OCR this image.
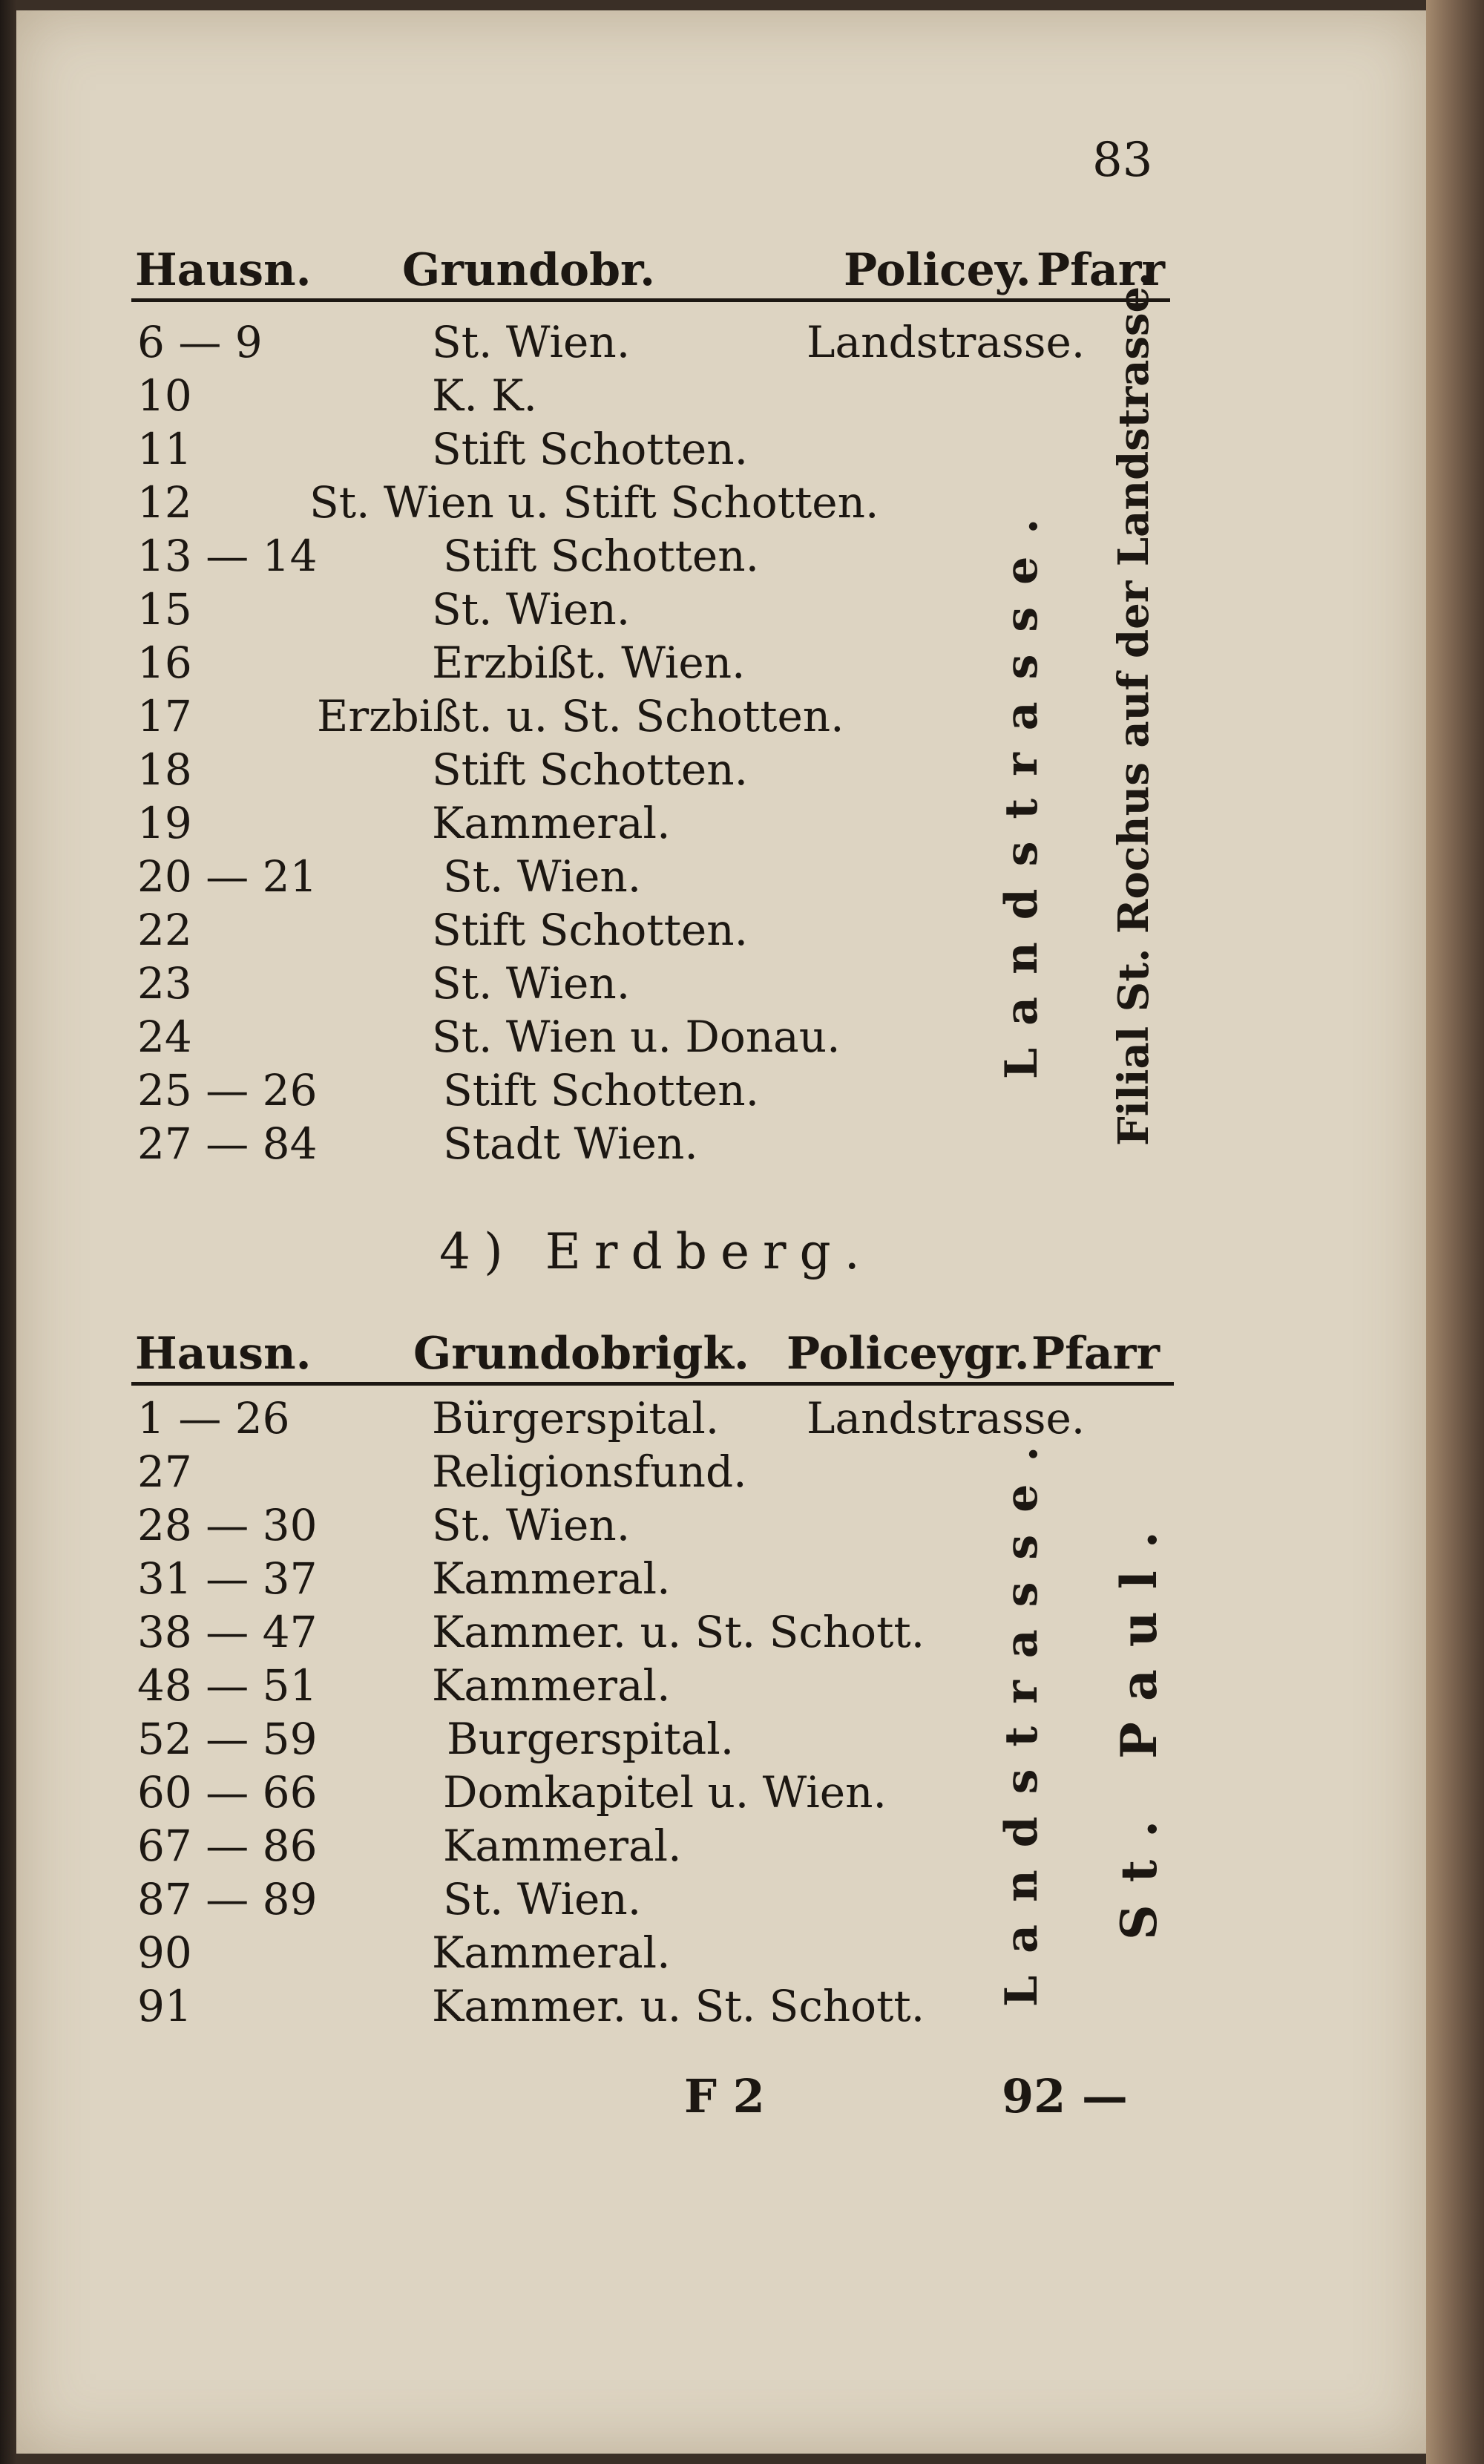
83
Hausn. Grundobr.	Policey. Pfarr
6 — 9	St. Wien.	Landstrasse.
10	K. K.
11	Stift Schotten.
12	St. Wien u. Stift Schotten.
13 — 14	Stift Schotten.
15	St. Wien.
16	Erzbißt. Wien.
17	Erzbißt. u. St. Schotten.
18	Stift Schotten.
19	Kammeral.
20 — 21	St. Wien.
22	Stift Schotten.
23	St. Wien.
24	St. Wien u. Donau.
25 — 26	Stift Schotten.
27 — 84	Stadt Wien.
Landstrasse. Filial St. Rochus auf der Landstrasse.
4) Erdberg.
Hausn. Grundobrigk. Policeygr. Pfarr
1 — 26	Bürgerspital. Landstrasse.
27	Religionsfund.
28 — 30	St. Wien.
31 — 37	Kammeral.
38 — 47	Kammer. u. St. Schott.
48 — 51	Kammeral.
52 — 59	Burgerspital.
60 — 66	Domkapitel u. Wien.
67 — 86	Kammeral.
87 — 89	St. Wien.
90	Kammeral.
91	Kammer. u. St. Schott. Landstrasse. St. Paul.
F 2	92 —
